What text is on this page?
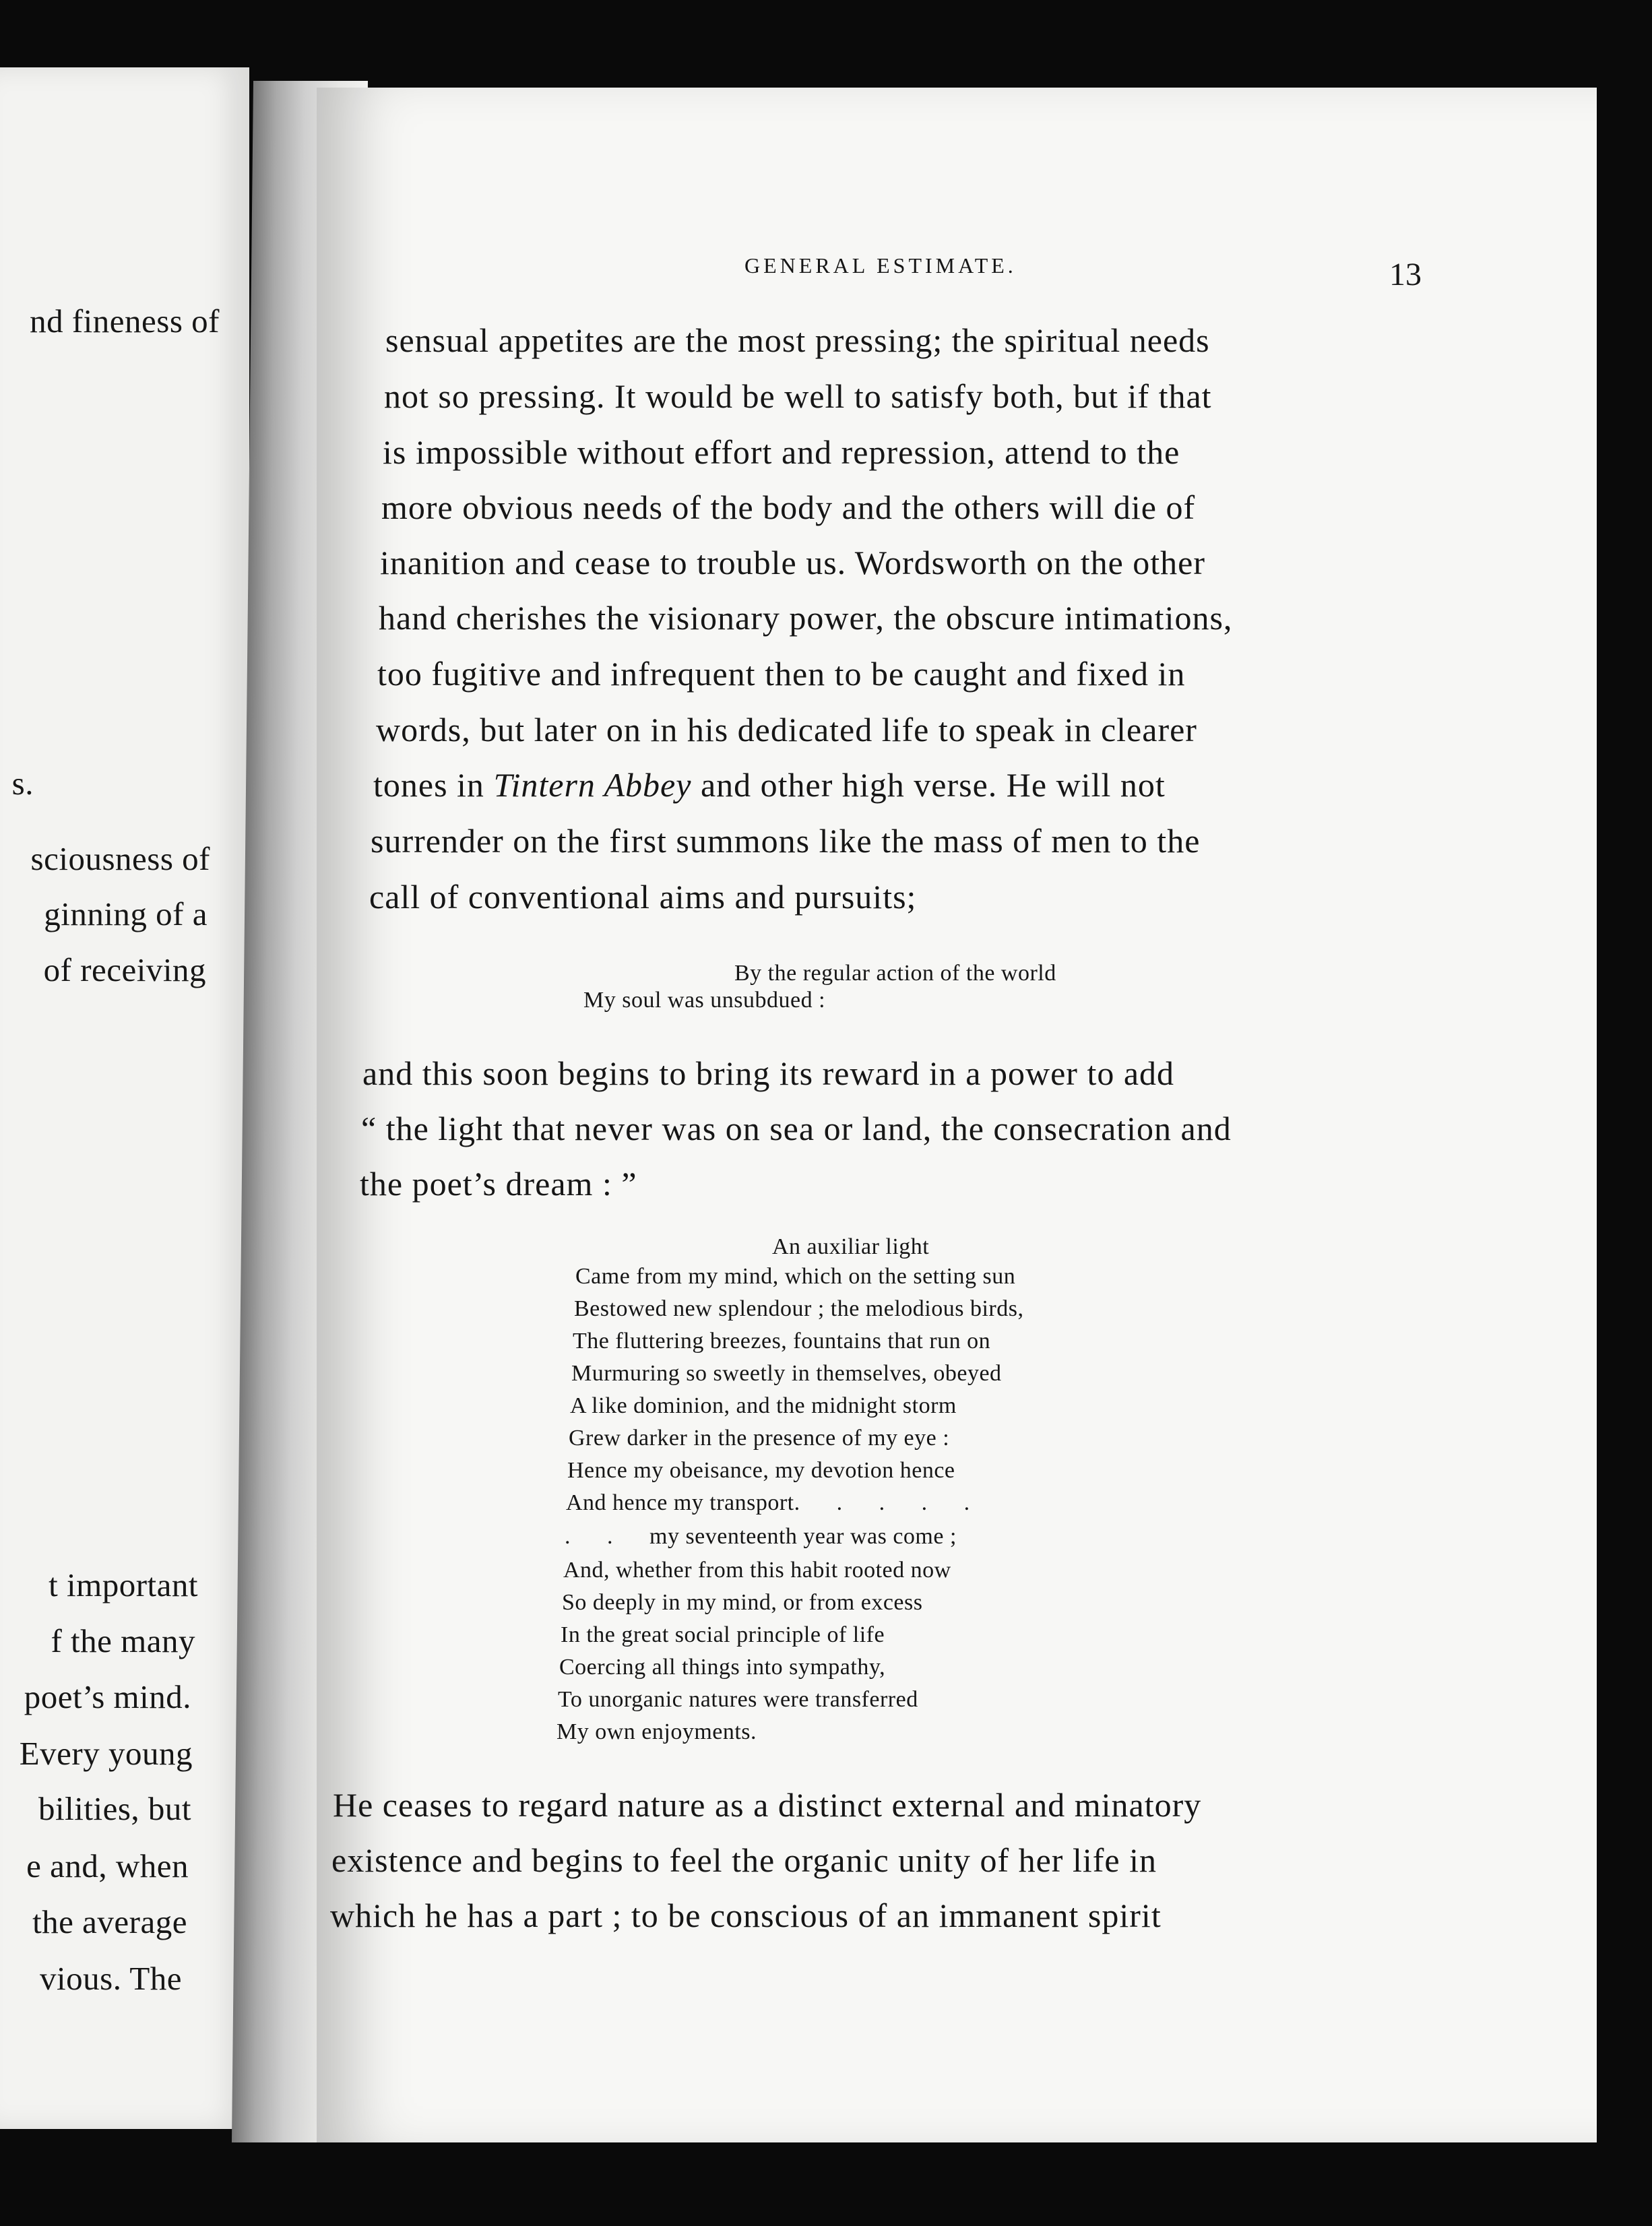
nd fineness of
s.
sciousness of
ginning of a
of receiving
t important
f the many
poet’s mind.
Every young
bilities, but
e and, when
the average
vious. The
GENERAL ESTIMATE.	13
sensual appetites are the most pressing; the spiritual needs
not so pressing. It would be well to satisfy both, but if that
is impossible without effort and repression, attend to the
more obvious needs of the body and the others will die of
inanition and cease to trouble us. Wordsworth on the other
hand cherishes the visionary power, the obscure intimations,
too fugitive and infrequent then to be caught and fixed in
words, but later on in his dedicated life to speak in clearer
tones in Tintern Abbey and other high verse. He will not
surrender on the first summons like the mass of men to the
call of conventional aims and pursuits;
By the regular action of the world
My soul was unsubdued :
and this soon begins to bring its reward in a power to add
“ the light that never was on sea or land, the consecration and
the poet’s dream : ”
An auxiliar light
Came from my mind, which on the setting sun
Bestowed new splendour ; the melodious birds,
The fluttering breezes, fountains that run on
Murmuring so sweetly in themselves, obeyed
A like dominion, and the midnight storm
Grew darker in the presence of my eye :
Hence my obeisance, my devotion hence
And hence my transport.      .      .      .      .
.      .      my seventeenth year was come ;
And, whether from this habit rooted now
So deeply in my mind, or from excess
In the great social principle of life
Coercing all things into sympathy,
To unorganic natures were transferred
My own enjoyments.
He ceases to regard nature as a distinct external and minatory
existence and begins to feel the organic unity of her life in
which he has a part ; to be conscious of an immanent spirit
